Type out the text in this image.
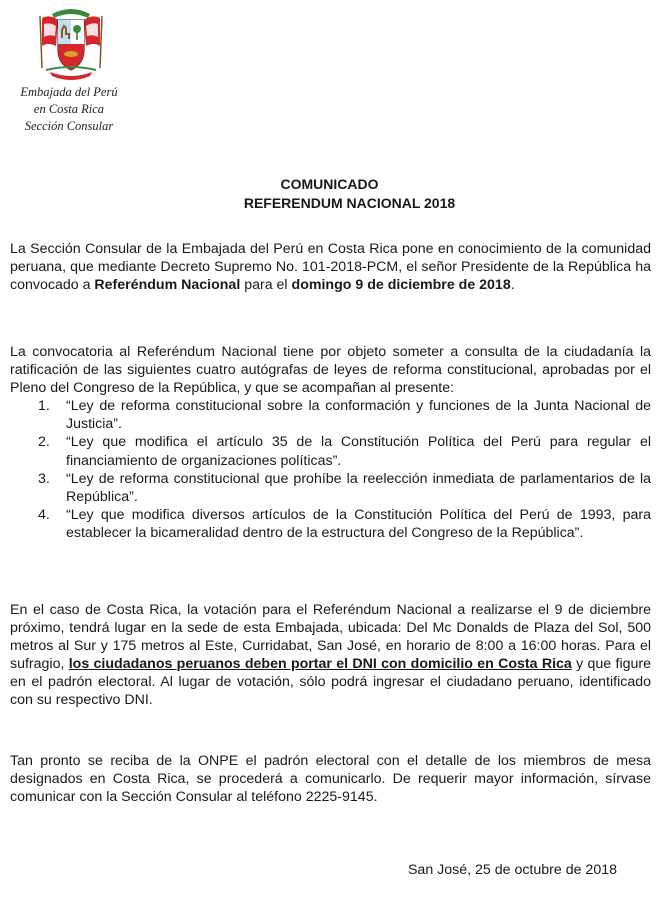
Embajada del Perú
en Costa Rica
Sección Consular
COMUNICADO
REFERENDUM NACIONAL 2018
La Sección Consular de la Embajada del Perú en Costa Rica pone en conocimiento de la comunidad peruana, que mediante Decreto Supremo No. 101-2018-PCM, el señor Presidente de la República ha convocado a Referéndum Nacional para el domingo 9 de diciembre de 2018.
La convocatoria al Referéndum Nacional tiene por objeto someter a consulta de la ciudadanía la ratificación de las siguientes cuatro autógrafas de leyes de reforma constitucional, aprobadas por el Pleno del Congreso de la República, y que se acompañan al presente:
1.	“Ley de reforma constitucional sobre la conformación y funciones de la Junta Nacional de Justicia”.
2.	“Ley que modifica el artículo 35 de la Constitución Política del Perú para regular el financiamiento de organizaciones políticas”.
3.	“Ley de reforma constitucional que prohíbe la reelección inmediata de parlamentarios de la República”.
4.	“Ley que modifica diversos artículos de la Constitución Política del Perú de 1993, para establecer la bicameralidad dentro de la estructura del Congreso de la República”.
En el caso de Costa Rica, la votación para el Referéndum Nacional a realizarse el 9 de diciembre próximo, tendrá lugar en la sede de esta Embajada, ubicada: Del Mc Donalds de Plaza del Sol, 500 metros al Sur y 175 metros al Este, Curridabat, San José, en horario de 8:00 a 16:00 horas. Para el sufragio, los ciudadanos peruanos deben portar el DNI con domicilio en Costa Rica y que figure en el padrón electoral. Al lugar de votación, sólo podrá ingresar el ciudadano peruano, identificado con su respectivo DNI.
Tan pronto se reciba de la ONPE el padrón electoral con el detalle de los miembros de mesa designados en Costa Rica, se procederá a comunicarlo. De requerir mayor información, sírvase comunicar con la Sección Consular al teléfono 2225-9145.
San José, 25 de octubre de 2018
